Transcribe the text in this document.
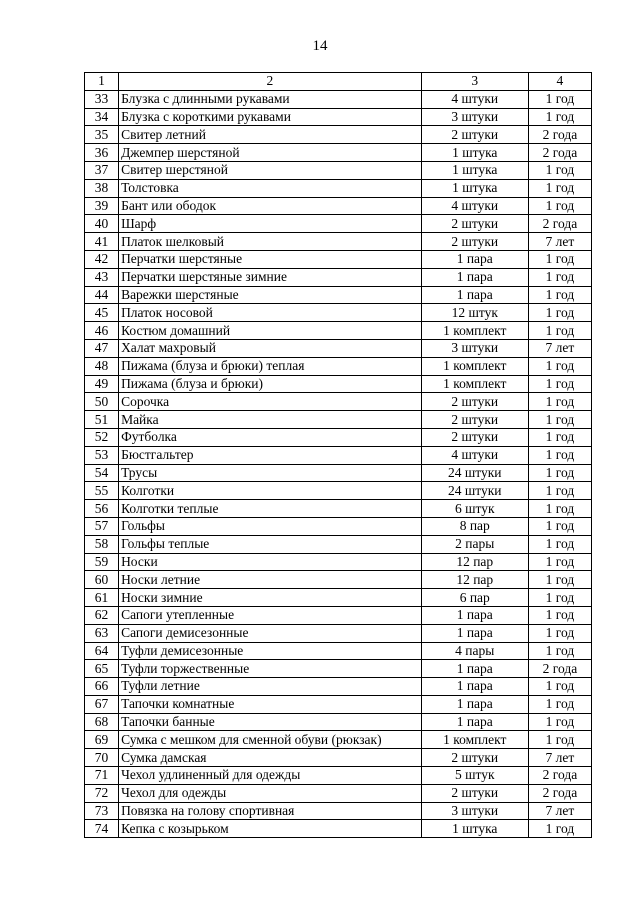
14
1	2	3	4
33	Блузка с длинными рукавами	4 штуки	1 год
34	Блузка с короткими рукавами	3 штуки	1 год
35	Свитер летний	2 штуки	2 года
36	Джемпер шерстяной	1 штука	2 года
37	Свитер шерстяной	1 штука	1 год
38	Толстовка	1 штука	1 год
39	Бант или ободок	4 штуки	1 год
40	Шарф	2 штуки	2 года
41	Платок шелковый	2 штуки	7 лет
42	Перчатки шерстяные	1 пара	1 год
43	Перчатки шерстяные зимние	1 пара	1 год
44	Варежки шерстяные	1 пара	1 год
45	Платок носовой	12 штук	1 год
46	Костюм домашний	1 комплект	1 год
47	Халат махровый	3 штуки	7 лет
48	Пижама (блуза и брюки) теплая	1 комплект	1 год
49	Пижама (блуза и брюки)	1 комплект	1 год
50	Сорочка	2 штуки	1 год
51	Майка	2 штуки	1 год
52	Футболка	2 штуки	1 год
53	Бюстгальтер	4 штуки	1 год
54	Трусы	24 штуки	1 год
55	Колготки	24 штуки	1 год
56	Колготки теплые	6 штук	1 год
57	Гольфы	8 пар	1 год
58	Гольфы теплые	2 пары	1 год
59	Носки	12 пар	1 год
60	Носки летние	12 пар	1 год
61	Носки зимние	6 пар	1 год
62	Сапоги утепленные	1 пара	1 год
63	Сапоги демисезонные	1 пара	1 год
64	Туфли демисезонные	4 пары	1 год
65	Туфли торжественные	1 пара	2 года
66	Туфли летние	1 пара	1 год
67	Тапочки комнатные	1 пара	1 год
68	Тапочки банные	1 пара	1 год
69	Сумка с мешком для сменной обуви (рюкзак)	1 комплект	1 год
70	Сумка дамская	2 штуки	7 лет
71	Чехол удлиненный для одежды	5 штук	2 года
72	Чехол для одежды	2 штуки	2 года
73	Повязка на голову спортивная	3 штуки	7 лет
74	Кепка с козырьком	1 штука	1 год
